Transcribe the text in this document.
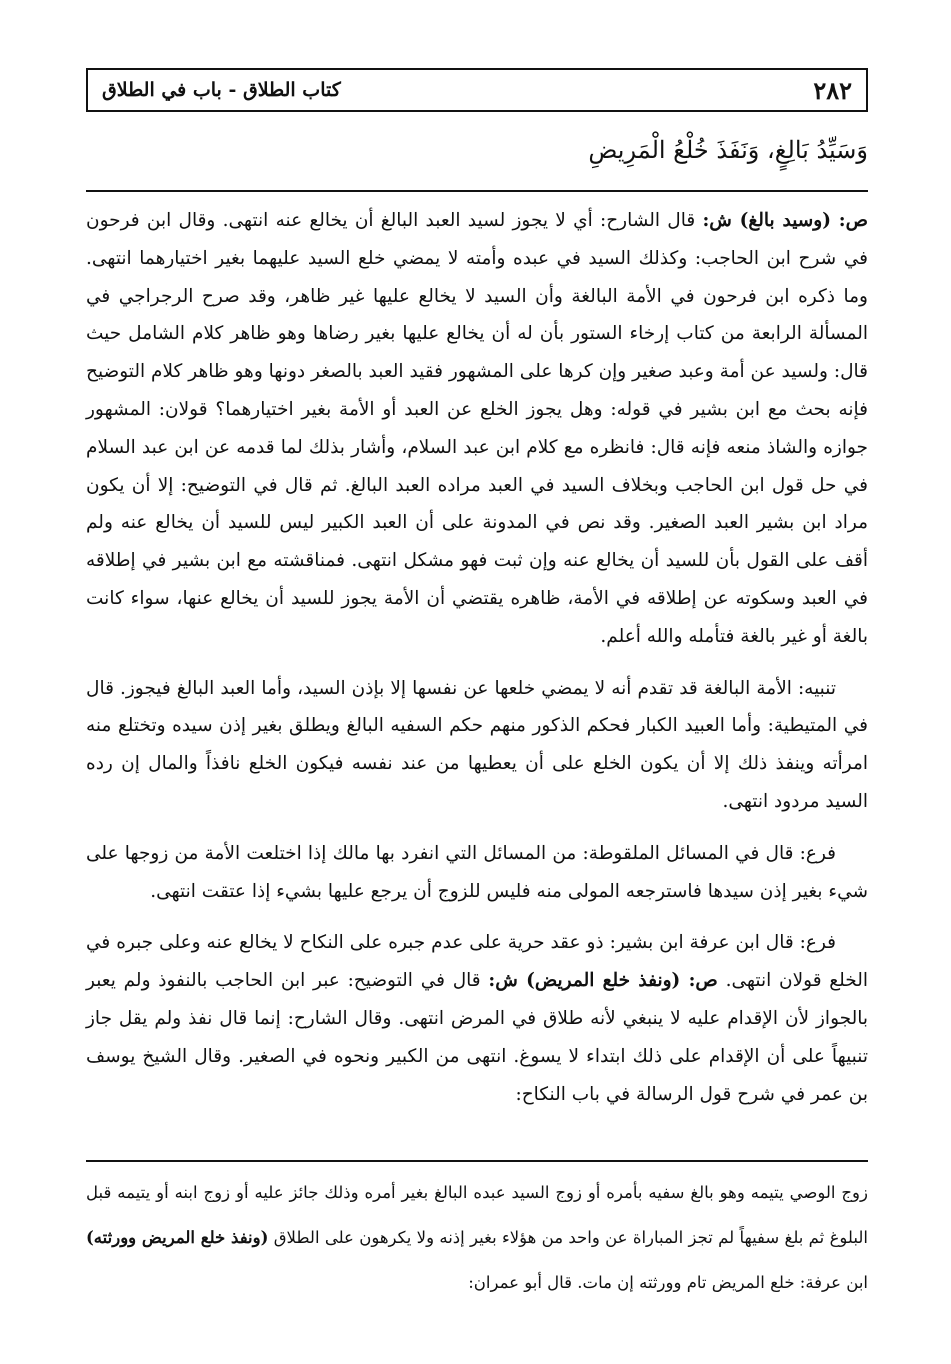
٢٨٢
كتاب الطلاق - باب في الطلاق
وَسَيِّدُ بَالِغٍ، وَنَفَذَ خُلْعُ الْمَرِيضِ

ص: (وسيد بالغ) ش: قال الشارح: أي لا يجوز لسيد العبد البالغ أن يخالع عنه انتهى. وقال ابن فرحون في شرح ابن الحاجب: وكذلك السيد في عبده وأمته لا يمضي خلع السيد عليهما بغير اختيارهما انتهى. وما ذكره ابن فرحون في الأمة البالغة وأن السيد لا يخالع عليها غير ظاهر، وقد صرح الرجراجي في المسألة الرابعة من كتاب إرخاء الستور بأن له أن يخالع عليها بغير رضاها وهو ظاهر كلام الشامل حيث قال: ولسيد عن أمة وعبد صغير وإن كرها على المشهور فقيد العبد بالصغر دونها وهو ظاهر كلام التوضيح فإنه بحث مع ابن بشير في قوله: وهل يجوز الخلع عن العبد أو الأمة بغير اختيارهما؟ قولان: المشهور جوازه والشاذ منعه فإنه قال: فانظره مع كلام ابن عبد السلام، وأشار بذلك لما قدمه عن ابن عبد السلام في حل قول ابن الحاجب وبخلاف السيد في العبد مراده العبد البالغ. ثم قال في التوضيح: إلا أن يكون مراد ابن بشير العبد الصغير. وقد نص في المدونة على أن العبد الكبير ليس للسيد أن يخالع عنه ولم أقف على القول بأن للسيد أن يخالع عنه وإن ثبت فهو مشكل انتهى. فمناقشته مع ابن بشير في إطلاقه في العبد وسكوته عن إطلاقه في الأمة، ظاهره يقتضي أن الأمة يجوز للسيد أن يخالع عنها، سواء كانت بالغة أو غير بالغة فتأمله والله أعلم.

تنبيه: الأمة البالغة قد تقدم أنه لا يمضي خلعها عن نفسها إلا بإذن السيد، وأما العبد البالغ فيجوز. قال في المتيطية: وأما العبيد الكبار فحكم الذكور منهم حكم السفيه البالغ ويطلق بغير إذن سيده وتختلع منه امرأته وينفذ ذلك إلا أن يكون الخلع على أن يعطيها من عند نفسه فيكون الخلع نافذاً والمال إن رده السيد مردود انتهى.

فرع: قال في المسائل الملقوطة: من المسائل التي انفرد بها مالك إذا اختلعت الأمة من زوجها على شيء بغير إذن سيدها فاسترجعه المولى منه فليس للزوج أن يرجع عليها بشيء إذا عتقت انتهى.

فرع: قال ابن عرفة ابن بشير: ذو عقد حرية على عدم جبره على النكاح لا يخالع عنه وعلى جبره في الخلع قولان انتهى. ص: (ونفذ خلع المريض) ش: قال في التوضيح: عبر ابن الحاجب بالنفوذ ولم يعبر بالجواز لأن الإقدام عليه لا ينبغي لأنه طلاق في المرض انتهى. وقال الشارح: إنما قال نفذ ولم يقل جاز تنبيهاً على أن الإقدام على ذلك ابتداء لا يسوغ. انتهى من الكبير ونحوه في الصغير. وقال الشيخ يوسف بن عمر في شرح قول الرسالة في باب النكاح:

زوج الوصي يتيمه وهو بالغ سفيه بأمره أو زوج السيد عبده البالغ بغير أمره وذلك جائز عليه أو زوج ابنه أو يتيمه قبل البلوغ ثم بلغ سفيهاً لم تجز المباراة عن واحد من هؤلاء بغير إذنه ولا يكرهون على الطلاق (ونفذ خلع المريض وورثته) ابن عرفة: خلع المريض تام وورثته إن مات. قال أبو عمران:
